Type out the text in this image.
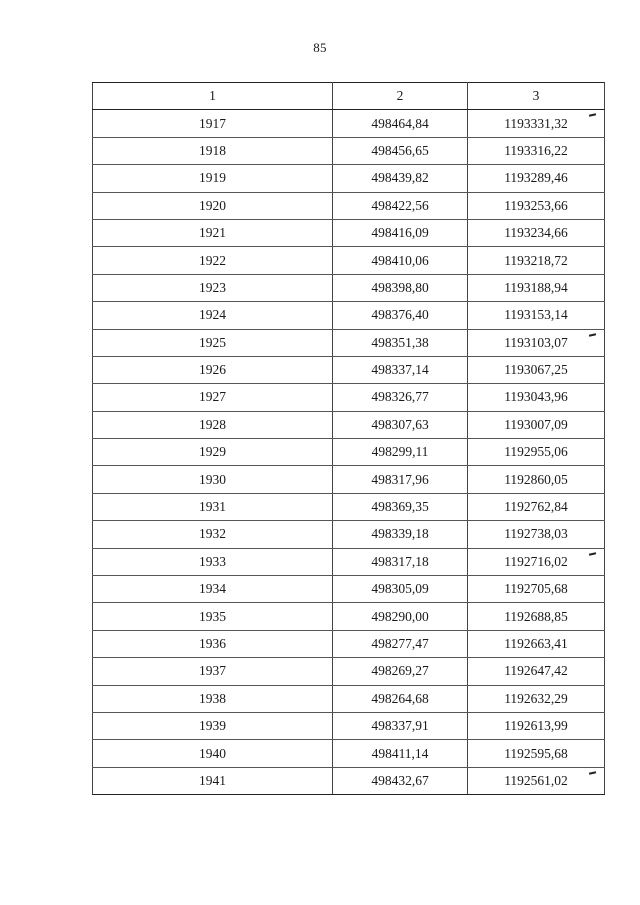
85
1	2	3
1917	498464,84	1193331,32

1918	498456,65	1193316,22
1919	498439,82	1193289,46
1920	498422,56	1193253,66
1921	498416,09	1193234,66
1922	498410,06	1193218,72
1923	498398,80	1193188,94
1924	498376,40	1193153,14
1925	498351,38	1193103,07

1926	498337,14	1193067,25
1927	498326,77	1193043,96
1928	498307,63	1193007,09
1929	498299,11	1192955,06
1930	498317,96	1192860,05
1931	498369,35	1192762,84
1932	498339,18	1192738,03
1933	498317,18	1192716,02

1934	498305,09	1192705,68
1935	498290,00	1192688,85
1936	498277,47	1192663,41
1937	498269,27	1192647,42
1938	498264,68	1192632,29
1939	498337,91	1192613,99
1940	498411,14	1192595,68
1941	498432,67	1192561,02
